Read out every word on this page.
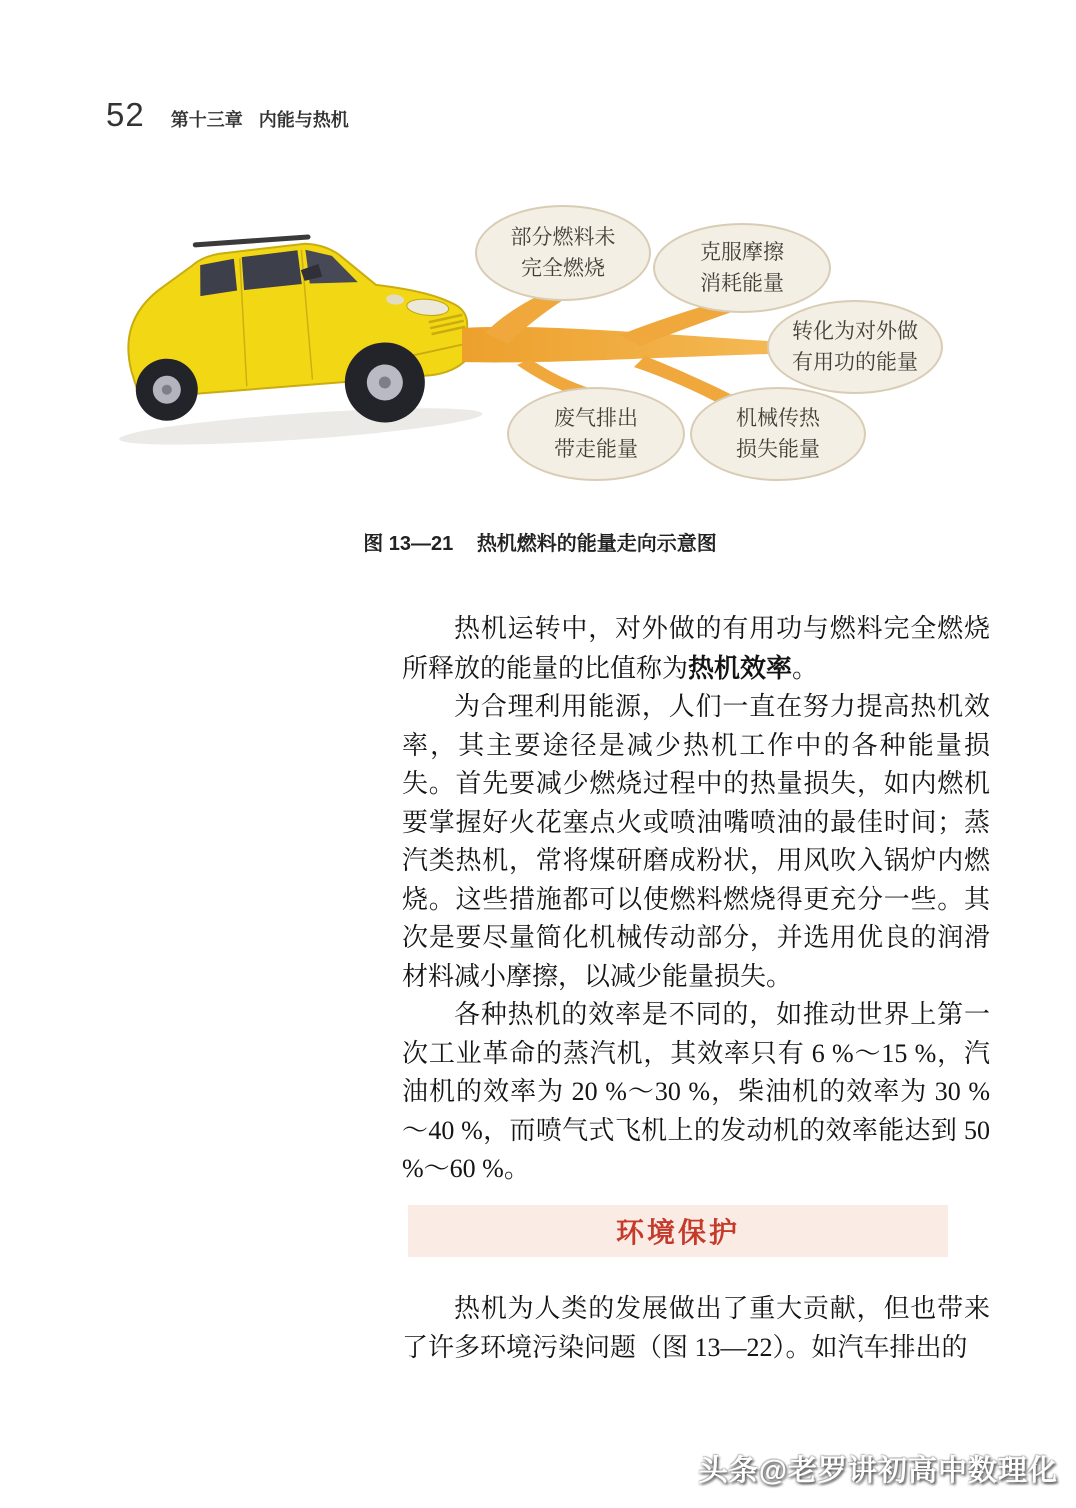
52 第十三章 内能与热机
部分燃料未
完全燃烧
克服摩擦
消耗能量
转化为对外做
有用功的能量
废气排出
带走能量
机械传热
损失能量
图 13—21 热机燃料的能量走向示意图
热机运转中，对外做的有用功与燃料完全燃烧所释放的能量的比值称为热机效率。
为合理利用能源，人们一直在努力提高热机效率，其主要途径是减少热机工作中的各种能量损失。首先要减少燃烧过程中的热量损失，如内燃机要掌握好火花塞点火或喷油嘴喷油的最佳时间；蒸汽类热机，常将煤研磨成粉状，用风吹入锅炉内燃烧。这些措施都可以使燃料燃烧得更充分一些。其次是要尽量简化机械传动部分，并选用优良的润滑材料减小摩擦，以减少能量损失。
各种热机的效率是不同的，如推动世界上第一次工业革命的蒸汽机，其效率只有 6 %～15 %，汽油机的效率为 20 %～30 %，柴油机的效率为 30 %～40 %，而喷气式飞机上的发动机的效率能达到 50 %～60 %。
环境保护
热机为人类的发展做出了重大贡献，但也带来了许多环境污染问题（图 13—22）。如汽车排出的
头条@老罗讲初高中数理化
